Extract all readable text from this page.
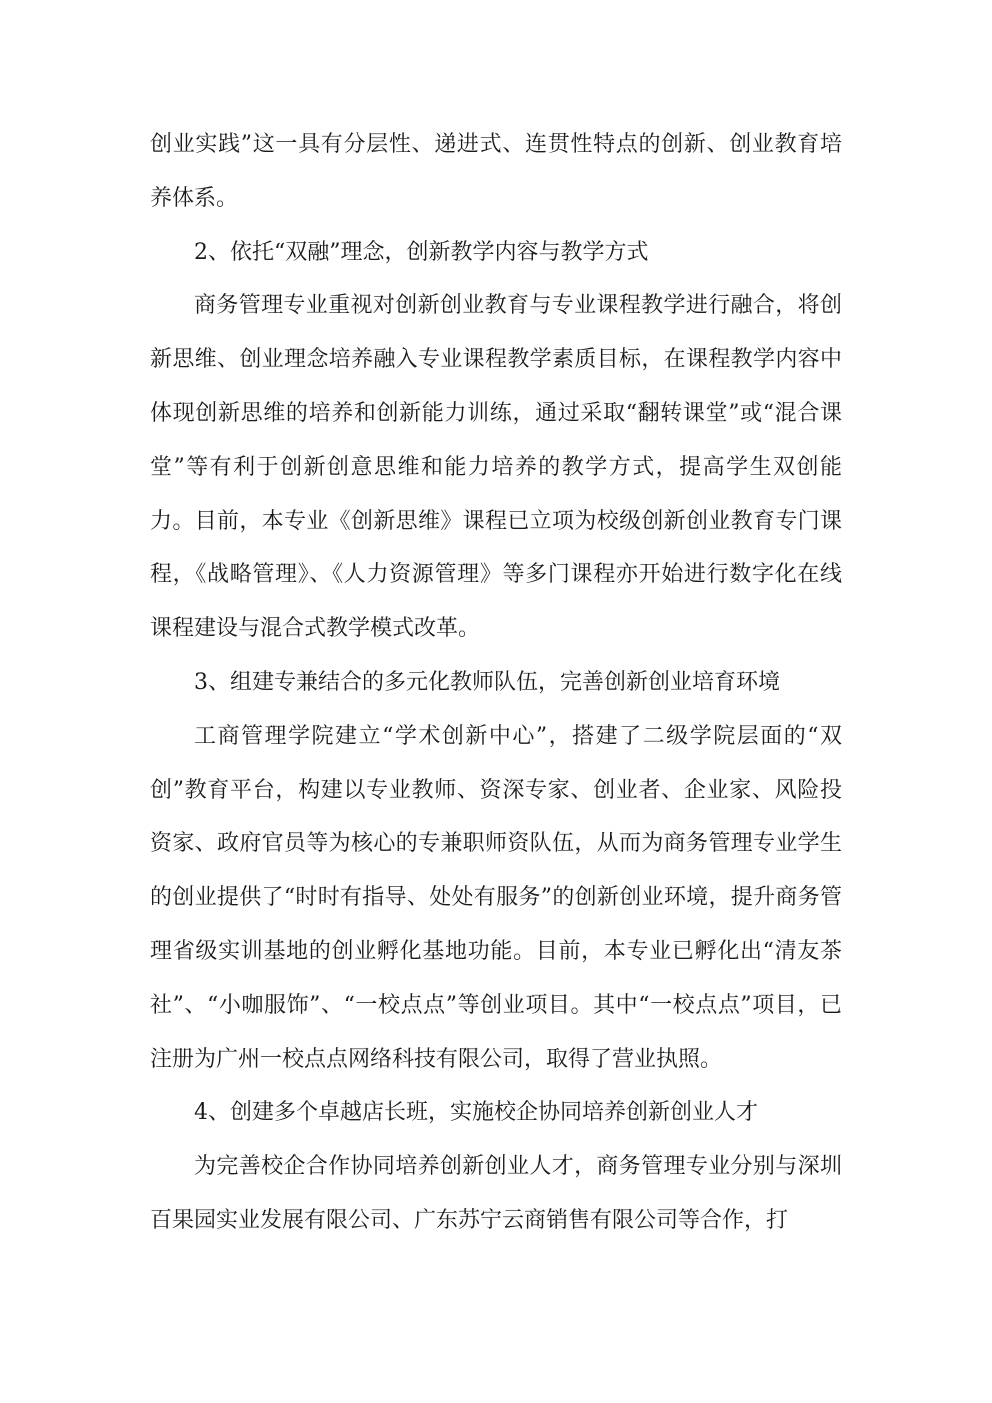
创业实践”这一具有分层性、递进式、连贯性特点的创新、创业教育培养体系。

2、依托“双融”理念，创新教学内容与教学方式

商务管理专业重视对创新创业教育与专业课程教学进行融合，将创新思维、创业理念培养融入专业课程教学素质目标，在课程教学内容中体现创新思维的培养和创新能力训练，通过采取“翻转课堂”或“混合课堂”等有利于创新创意思维和能力培养的教学方式，提高学生双创能力。目前，本专业《创新思维》课程已立项为校级创新创业教育专门课程，《战略管理》、《人力资源管理》等多门课程亦开始进行数字化在线课程建设与混合式教学模式改革。

3、组建专兼结合的多元化教师队伍，完善创新创业培育环境

工商管理学院建立“学术创新中心”，搭建了二级学院层面的“双创”教育平台，构建以专业教师、资深专家、创业者、企业家、风险投资家、政府官员等为核心的专兼职师资队伍，从而为商务管理专业学生的创业提供了“时时有指导、处处有服务”的创新创业环境，提升商务管理省级实训基地的创业孵化基地功能。目前，本专业已孵化出“清友茶社”、“小咖服饰”、“一校点点”等创业项目。其中“一校点点”项目，已注册为广州一校点点网络科技有限公司，取得了营业执照。

4、创建多个卓越店长班，实施校企协同培养创新创业人才

为完善校企合作协同培养创新创业人才，商务管理专业分别与深圳百果园实业发展有限公司、广东苏宁云商销售有限公司等合作，打
